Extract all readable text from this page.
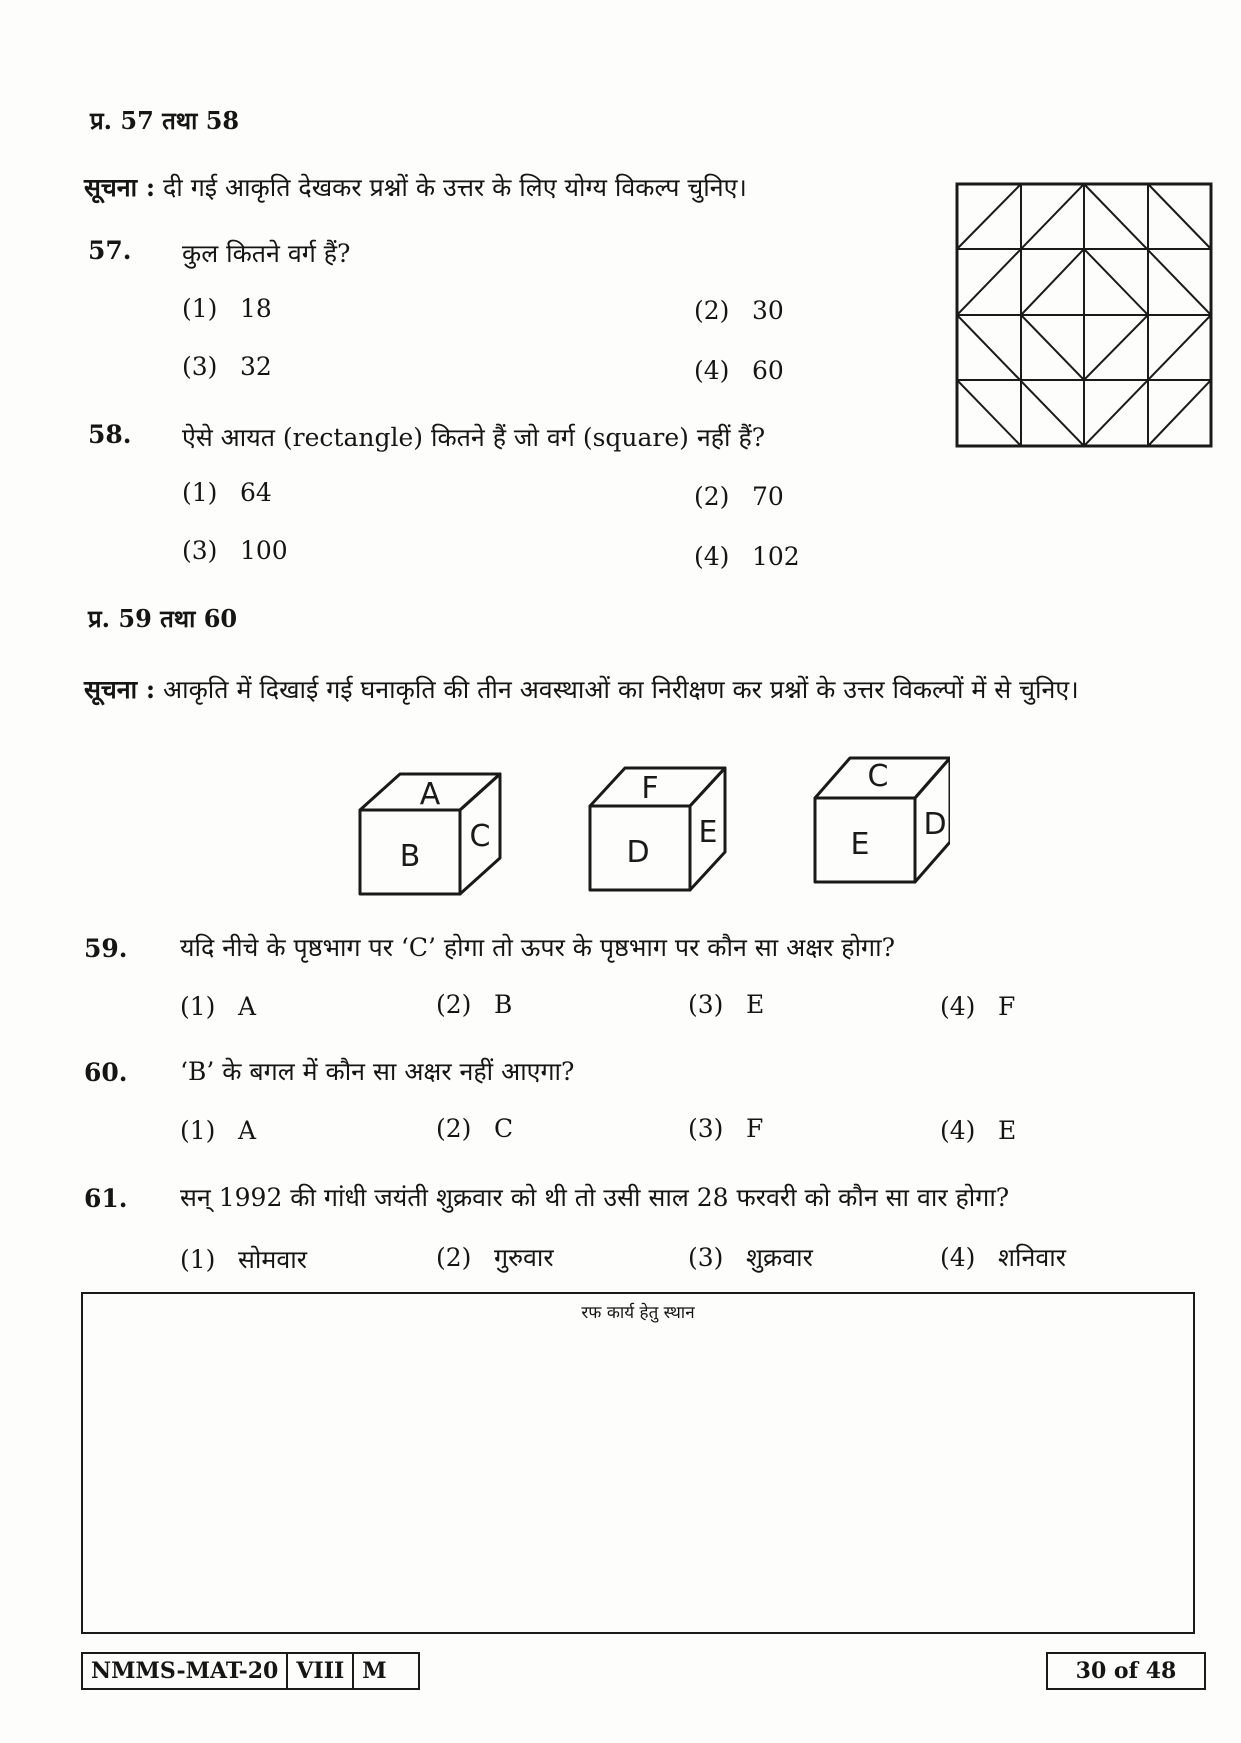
प्र. 57 तथा 58
सूचना : दी गई आकृति देखकर प्रश्नों के उत्तर के लिए योग्य विकल्प चुनिए।
57. कुल कितने वर्ग हैं?
(1) 18	(2) 30
(3) 32	(4) 60
58. ऐसे आयत (rectangle) कितने हैं जो वर्ग (square) नहीं हैं?
(1) 64	(2) 70
(3) 100	(4) 102
प्र. 59 तथा 60
सूचना : आकृति में दिखाई गई घनाकृति की तीन अवस्थाओं का निरीक्षण कर प्रश्नों के उत्तर विकल्पों में से चुनिए।
A
B
C
F
D
E
C
E
D
59. यदि नीचे के पृष्ठभाग पर ‘C’ होगा तो ऊपर के पृष्ठभाग पर कौन सा अक्षर होगा?
(1) A	(2) B	(3) E	(4) F
60. ‘B’ के बगल में कौन सा अक्षर नहीं आएगा?
(1) A	(2) C	(3) F	(4) E
61. सन् 1992 की गांधी जयंती शुक्रवार को थी तो उसी साल 28 फरवरी को कौन सा वार होगा?
(1) सोमवार	(2) गुरुवार	(3) शुक्रवार	(4) शनिवार
रफ कार्य हेतु स्थान
NMMS-MAT-20 VIII M	30 of 48
